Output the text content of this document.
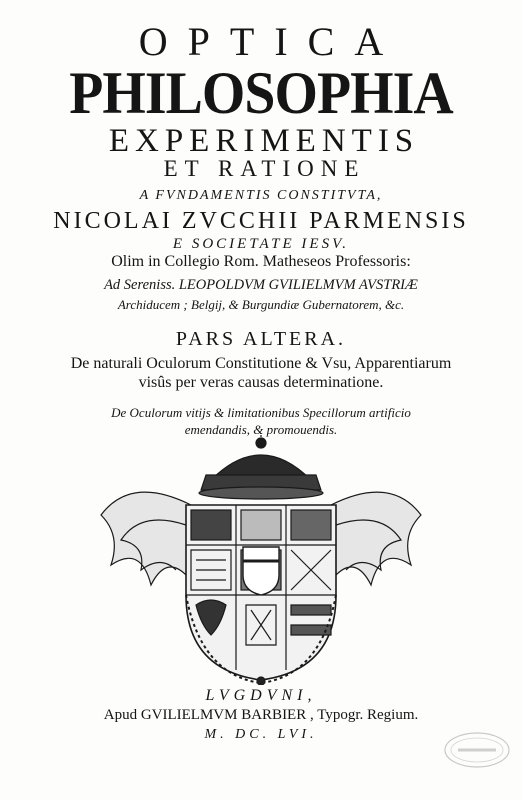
OPTICA
PHILOSOPHIA
EXPERIMENTIS
ET RATIONE
A FVNDAMENTIS CONSTITVTA,
NICOLAI ZVCCHII PARMENSIS
E SOCIETATE IESV.
Olim in Collegio Rom. Matheseos Professoris:
Ad Sereniss. LEOPOLDVM GVILIELMVM AVSTRIÆ
Archiducem ; Belgij, & Burgundiæ Gubernatorem, &c.
PARS ALTERA.
De naturali Oculorum Constitutione & Vsu, Apparentiarum
visûs per veras causas determinatione.
De Oculorum vitijs & limitationibus Specillorum artificio
emendandis, & promouendis.
LVGDVNI,
Apud GVILIELMVM BARBIER , Typogr. Regium.
M. DC. LVI.
